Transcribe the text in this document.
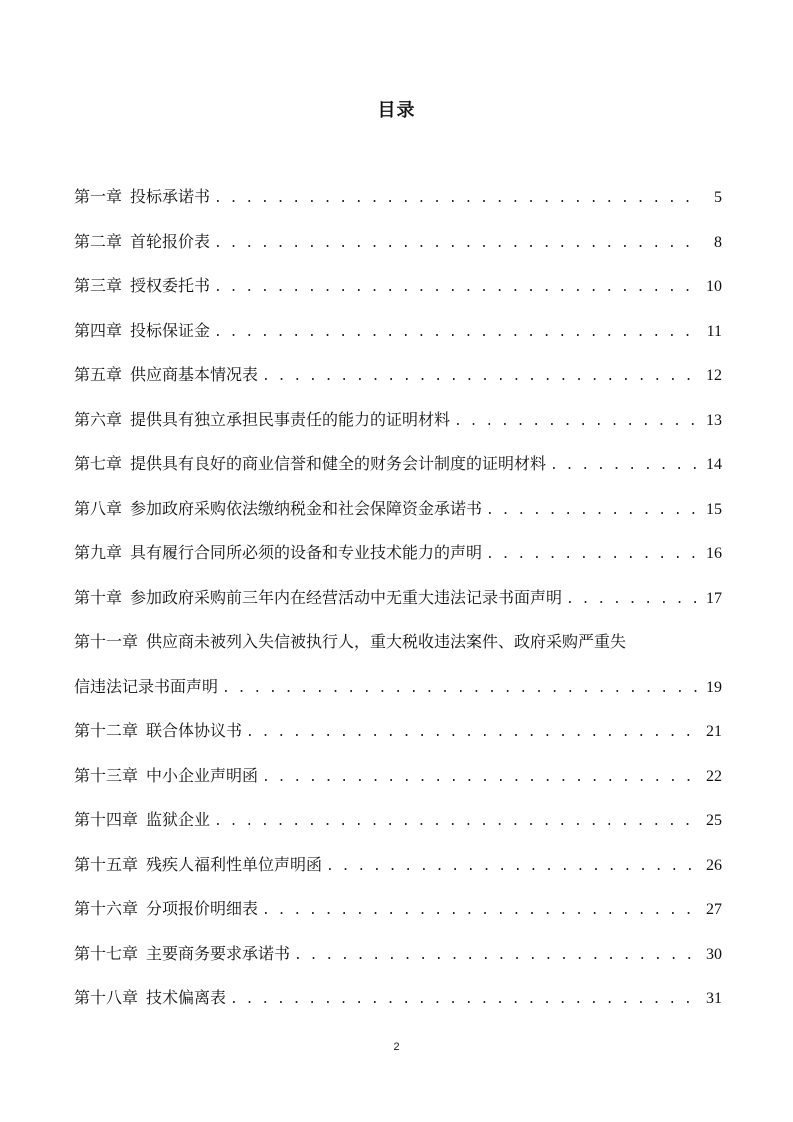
目录
第一章 投标承诺书 . . .	5
第二章 首轮报价表 . . .	8
第三章 授权委托书 . . .	10
第四章 投标保证金 . . .	11
第五章 供应商基本情况表 . . .	12
第六章 提供具有独立承担民事责任的能力的证明材料 . . .	13
第七章 提供具有良好的商业信誉和健全的财务会计制度的证明材料 . . .	14
第八章 参加政府采购依法缴纳税金和社会保障资金承诺书 . . .	15
第九章 具有履行合同所必须的设备和专业技术能力的声明 . . .	16
第十章 参加政府采购前三年内在经营活动中无重大违法记录书面声明 . . .	17
第十一章 供应商未被列入失信被执行人，重大税收违法案件、政府采购严重失
信违法记录书面声明 . . .	19
第十二章 联合体协议书 . . .	21
第十三章 中小企业声明函 . . .	22
第十四章 监狱企业 . . .	25
第十五章 残疾人福利性单位声明函 . . .	26
第十六章 分项报价明细表 . . .	27
第十七章 主要商务要求承诺书 . . .	30
第十八章 技术偏离表 . . .	31
2
